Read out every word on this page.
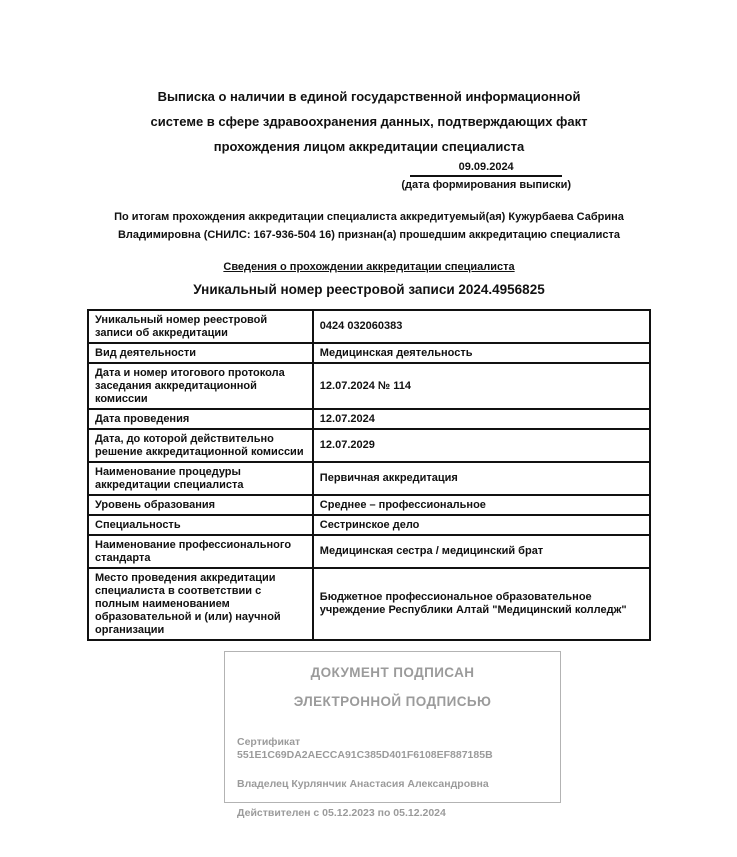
Выписка о наличии в единой государственной информационной
системе в сфере здравоохранения данных, подтверждающих факт
прохождения лицом аккредитации специалиста
09.09.2024
(дата формирования выписки)

По итогам прохождения аккредитации специалиста аккредитуемый(ая) Кужурбаева Сабрина Владимировна (СНИЛС: 167-936-504 16) признан(а) прошедшим аккредитацию специалиста

Сведения о прохождении аккредитации специалиста
Уникальный номер реестровой записи 2024.4956825
Уникальный номер реестровой записи об аккредитации	0424 032060383
Вид деятельности	Медицинская деятельность
Дата и номер итогового протокола заседания аккредитационной комиссии	12.07.2024 № 114
Дата проведения	12.07.2024
Дата, до которой действительно решение аккредитационной комиссии	12.07.2029
Наименование процедуры аккредитации специалиста	Первичная аккредитация
Уровень образования	Среднее – профессиональное
Специальность	Сестринское дело
Наименование профессионального стандарта	Медицинская сестра / медицинский брат
Место проведения аккредитации специалиста в соответствии с полным наименованием образовательной и (или) научной организации	Бюджетное профессиональное образовательное учреждение Республики Алтай "Медицинский колледж"
ДОКУМЕНТ ПОДПИСАН
ЭЛЕКТРОННОЙ ПОДПИСЬЮ
Сертификат 551E1C69DA2AECCA91C385D401F6108EF887185B
Владелец Курлянчик Анастасия Александровна
Действителен с 05.12.2023 по 05.12.2024
